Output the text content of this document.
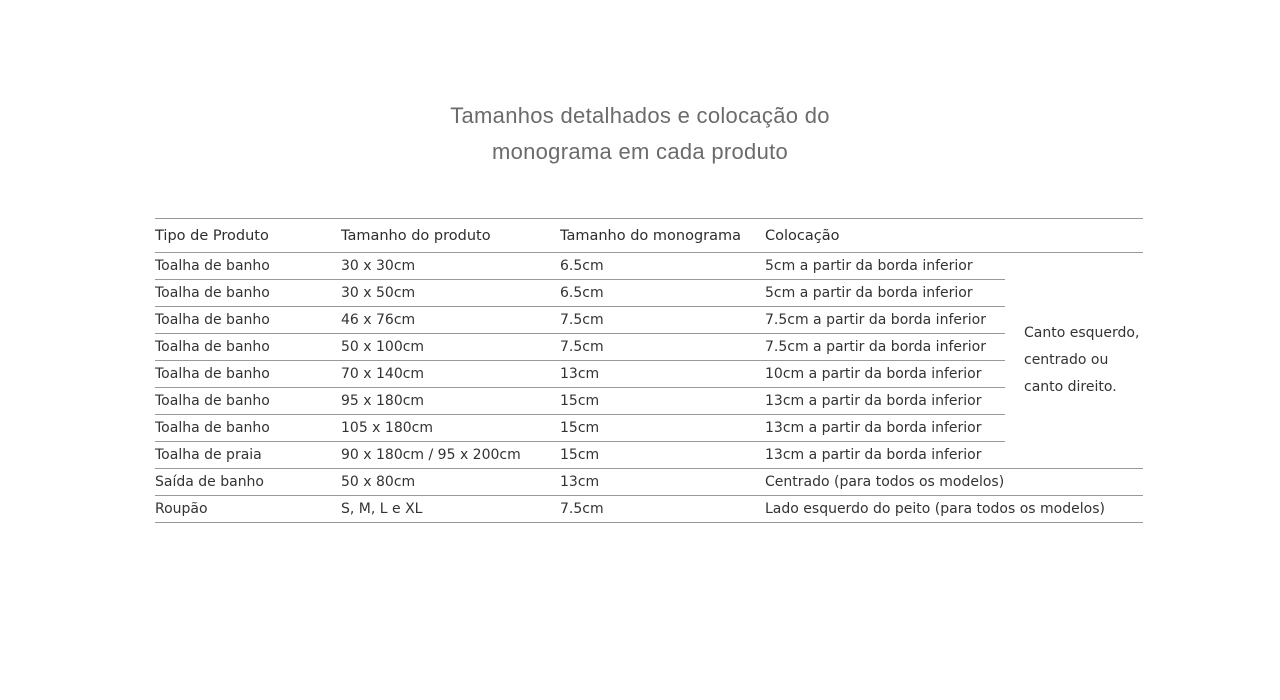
Tamanhos detalhados e colocação do
monograma em cada produto
Tipo de Produto	Tamanho do produto	Tamanho do monograma	Colocação	
Toalha de banho	30 x 30cm	6.5cm	5cm a partir da borda inferior	Canto esquerdo,
centrado ou
canto direito.

Toalha de banho	30 x 50cm	6.5cm	5cm a partir da borda inferior	
Toalha de banho	46 x 76cm	7.5cm	7.5cm a partir da borda inferior	
Toalha de banho	50 x 100cm	7.5cm	7.5cm a partir da borda inferior	
Toalha de banho	70 x 140cm	13cm	10cm a partir da borda inferior	
Toalha de banho	95 x 180cm	15cm	13cm a partir da borda inferior	
Toalha de banho	105 x 180cm	15cm	13cm a partir da borda inferior	
Toalha de praia	90 x 180cm / 95 x 200cm	15cm	13cm a partir da borda inferior	
Saída de banho	50 x 80cm	13cm	Centrado (para todos os modelos)	
Roupão	S, M, L e XL	7.5cm	Lado esquerdo do peito (para todos os modelos)	
